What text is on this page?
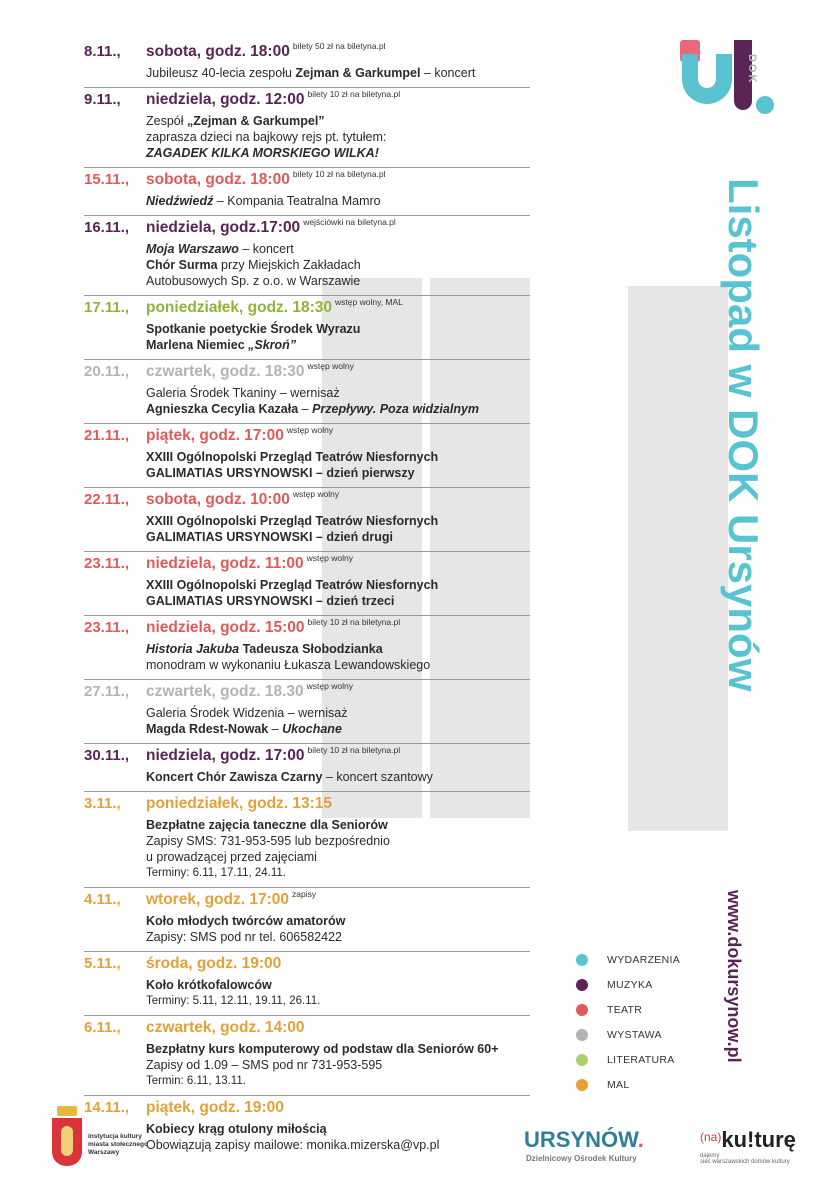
8.11.,	sobota, godz. 18:00 bilety 50 zł na biletyna.pl
Jubileusz 40-lecia zespołu Zejman & Garkumpel – koncert
9.11.,	niedziela, godz. 12:00 bilety 10 zł na biletyna.pl
Zespół „Zejman & Garkumpel”
zaprasza dzieci na bajkowy rejs pt. tytułem:
ZAGADEK KILKA MORSKIEGO WILKA!
15.11.,	sobota, godz. 18:00 bilety 10 zł na biletyna.pl
Niedźwiedź – Kompania Teatralna Mamro
16.11.,	niedziela, godz.17:00 wejściówki na biletyna.pl
Moja Warszawo – koncert
Chór Surma przy Miejskich Zakładach
Autobusowych Sp. z o.o. w Warszawie
17.11.,	poniedziałek, godz. 18:30 wstęp wolny, MAL
Spotkanie poetyckie Środek Wyrazu
Marlena Niemiec „Skroń”
20.11.,	czwartek, godz. 18:30 wstęp wolny
Galeria Środek Tkaniny – wernisaż
Agnieszka Cecylia Kazała – Przepływy. Poza widzialnym
21.11.,	piątek, godz. 17:00 wstęp wolny
XXIII Ogólnopolski Przegląd Teatrów Niesfornych
GALIMATIAS URSYNOWSKI – dzień pierwszy
22.11.,	sobota, godz. 10:00 wstęp wolny
XXIII Ogólnopolski Przegląd Teatrów Niesfornych
GALIMATIAS URSYNOWSKI – dzień drugi
23.11.,	niedziela, godz. 11:00 wstęp wolny
XXIII Ogólnopolski Przegląd Teatrów Niesfornych
GALIMATIAS URSYNOWSKI – dzień trzeci
23.11.,	niedziela, godz. 15:00 bilety 10 zł na biletyna.pl
Historia Jakuba Tadeusza Słobodzianka
monodram w wykonaniu Łukasza Lewandowskiego
27.11.,	czwartek, godz. 18.30 wstęp wolny
Galeria Środek Widzenia – wernisaż
Magda Rdest-Nowak – Ukochane
30.11.,	niedziela, godz. 17:00 bilety 10 zł na biletyna.pl
Koncert Chór Zawisza Czarny – koncert szantowy
3.11.,	poniedziałek, godz. 13:15
Bezpłatne zajęcia taneczne dla Seniorów
Zapisy SMS: 731-953-595 lub bezpośrednio
u prowadzącej przed zajęciami
Terminy: 6.11, 17.11, 24.11.
4.11.,	wtorek, godz. 17:00 zapisy
Koło młodych twórców amatorów
Zapisy: SMS pod nr tel. 606582422
5.11.,	środa, godz. 19:00
Koło krótkofalowców
Terminy: 5.11, 12.11, 19.11, 26.11.
6.11.,	czwartek, godz. 14:00
Bezpłatny kurs komputerowy od podstaw dla Seniorów 60+
Zapisy od 1.09 – SMS pod nr 731-953-595
Termin: 6.11, 13.11.
14.11.,	piątek, godz. 19:00
Kobiecy krąg otulony miłością
Obowiązują zapisy mailowe: monika.mizerska@vp.pl
DOK
Listopad w DOK Ursynów
www.dokursynow.pl
WYDARZENIA
MUZYKA
TEATR
WYSTAWA
LITERATURA
MAL
instytucja kultury
miasta stołecznego
Warszawy
URSYNÓW.
Dzielnicowy Ośrodek Kultury
$^{(na)}$ku!turę
dajemy
sieć warszawskich domów kultury
